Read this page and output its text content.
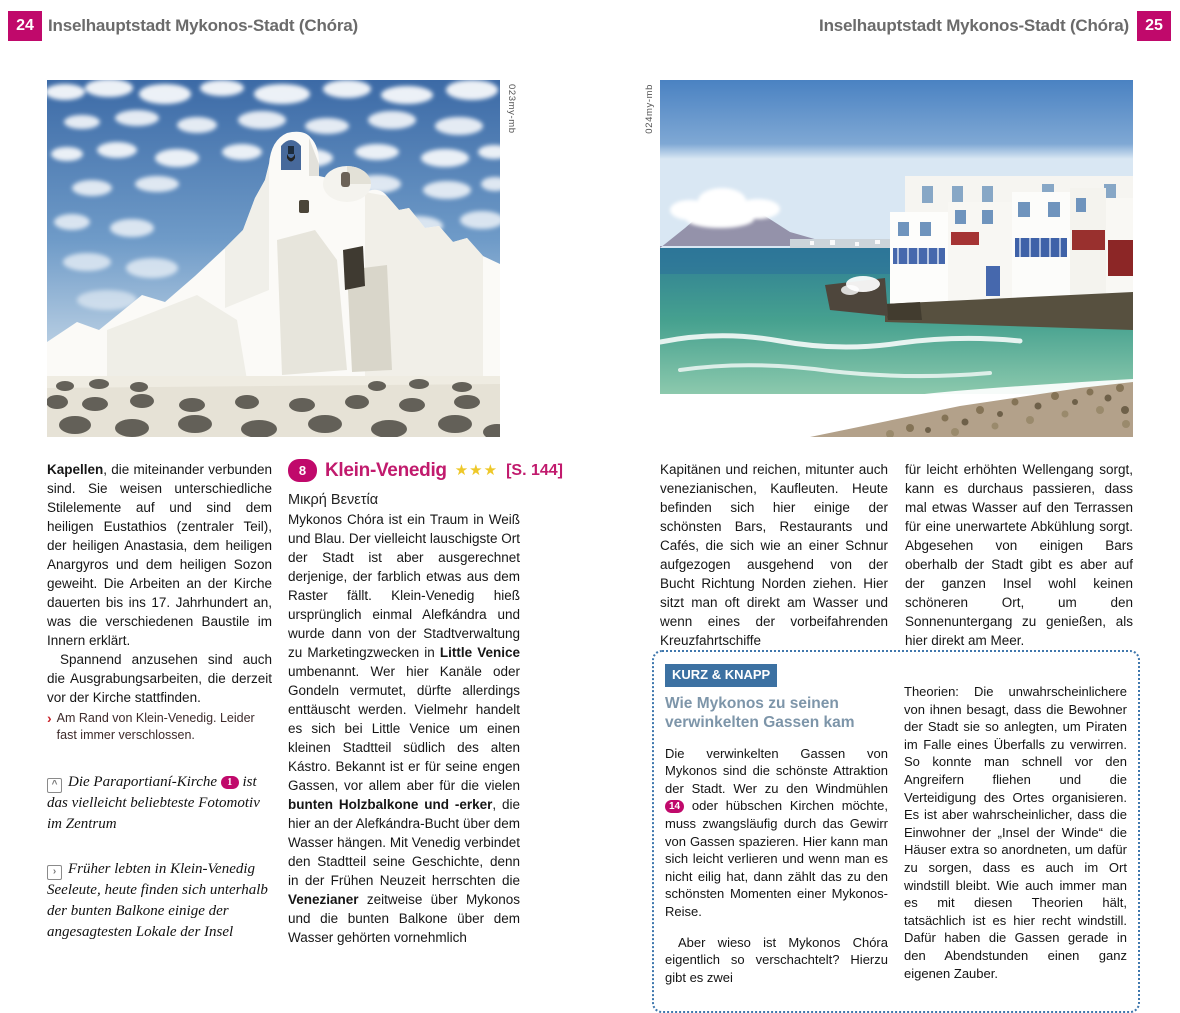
24 Inselhauptstadt Mykonos-Stadt (Chóra)	Inselhauptstadt Mykonos-Stadt (Chóra)	25
023my-mb	024my-mb

Kapellen, die miteinander verbunden sind. Sie weisen unterschiedliche Stilelemente auf und sind dem heiligen Eustathios (zentraler Teil), der heiligen Anastasia, dem heiligen Anargyros und dem heiligen Sozon geweiht. Die Arbeiten an der Kirche dauerten bis ins 17. Jahrhundert an, was die verschiedenen Baustile im Innern erklärt.

Spannend anzusehen sind auch die Ausgrabungsarbeiten, die derzeit vor der Kirche stattfinden.

› Am Rand von Klein-Venedig. Leider fast immer verschlossen.
^ Die Paraportianí-Kirche 1 ist das vielleicht beliebteste Fotomotiv im Zentrum
› Früher lebten in Klein-Venedig Seeleute, heute finden sich unterhalb der bunten Balkone einige der angesagtesten Lokale der Insel
8 Klein-Venedig ★★★ [S. 144]

Μικρή Βενετία

Mykonos Chóra ist ein Traum in Weiß und Blau. Der vielleicht lauschigste Ort der Stadt ist aber ausgerechnet derjenige, der farblich etwas aus dem Raster fällt. Klein-Venedig hieß ursprünglich einmal Alefkándra und wurde dann von der Stadtverwaltung zu Marketingzwecken in Little Venice umbenannt. Wer hier Kanäle oder Gondeln vermutet, dürfte allerdings enttäuscht werden. Vielmehr handelt es sich bei Little Venice um einen kleinen Stadtteil südlich des alten Kástro. Bekannt ist er für seine engen Gassen, vor allem aber für die vielen bunten Holzbalkone und -erker, die hier an der Alefkándra-Bucht über dem Wasser hängen. Mit Venedig verbindet den Stadtteil seine Geschichte, denn in der Frühen Neuzeit herrschten die Venezianer zeitweise über Mykonos und die bunten Balkone über dem Wasser gehörten vornehmlich

Kapitänen und reichen, mitunter auch venezianischen, Kaufleuten. Heute befinden sich hier einige der schönsten Bars, Restaurants und Cafés, die sich wie an einer Schnur aufgezogen ausgehend von der Bucht Richtung Norden ziehen. Hier sitzt man oft direkt am Wasser und wenn eines der vorbeifahrenden Kreuzfahrtschiffe

für leicht erhöhten Wellengang sorgt, kann es durchaus passieren, dass mal etwas Wasser auf den Terrassen für eine unerwartete Abkühlung sorgt. Abgesehen von einigen Bars oberhalb der Stadt gibt es aber auf der ganzen Insel wohl keinen schöneren Ort, um den Sonnenuntergang zu genießen, als hier direkt am Meer.

KURZ & KNAPP
Wie Mykonos zu seinen verwinkelten Gassen kam

Die verwinkelten Gassen von Mykonos sind die schönste Attraktion der Stadt. Wer zu den Windmühlen 14 oder hübschen Kirchen möchte, muss zwangsläufig durch das Gewirr von Gassen spazieren. Hier kann man sich leicht verlieren und wenn man es nicht eilig hat, dann zählt das zu den schönsten Momenten einer Mykonos-Reise.

Aber wieso ist Mykonos Chóra eigentlich so verschachtelt? Hierzu gibt es zwei

Theorien: Die unwahrscheinlichere von ihnen besagt, dass die Bewohner der Stadt sie so anlegten, um Piraten im Falle eines Überfalls zu verwirren. So konnte man schnell vor den Angreifern fliehen und die Verteidigung des Ortes organisieren. Es ist aber wahrscheinlicher, dass die Einwohner der „Insel der Winde“ die Häuser extra so anordneten, um dafür zu sorgen, dass es auch im Ort windstill bleibt. Wie auch immer man es mit diesen Theorien hält, tatsächlich ist es hier recht windstill. Dafür haben die Gassen gerade in den Abendstunden einen ganz eigenen Zauber.
